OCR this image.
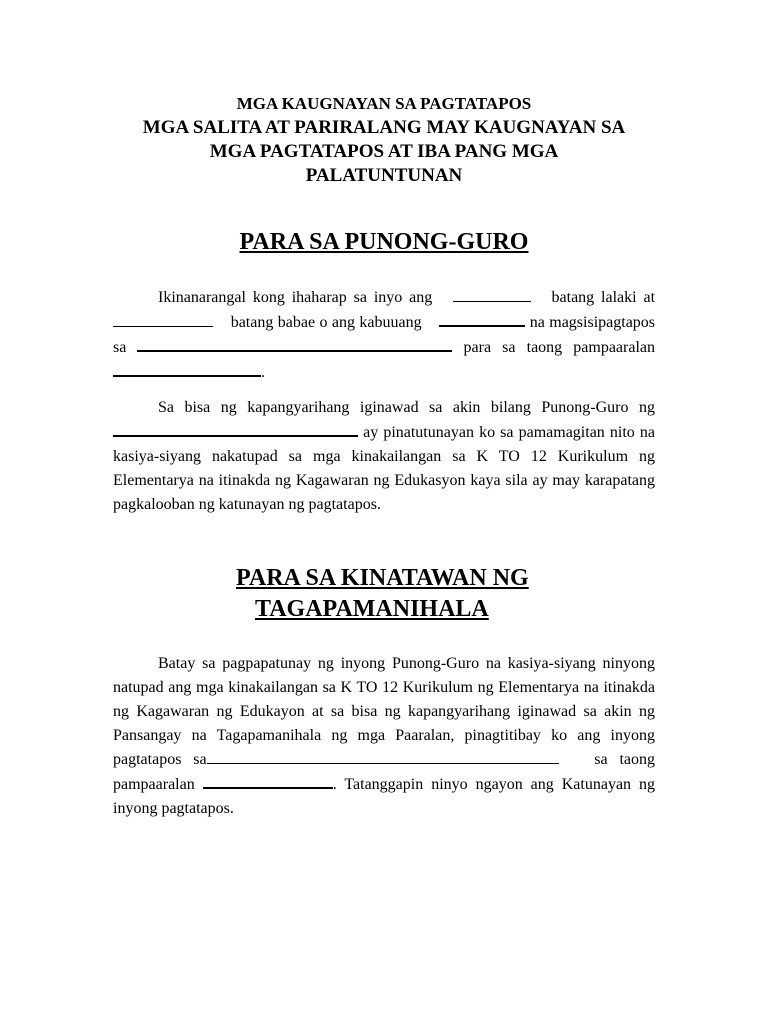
MGA KAUGNAYAN SA PAGTATAPOS
MGA SALITA AT PARIRALANG MAY KAUGNAYAN SA
MGA PAGTATAPOS AT IBA PANG MGA
PALATUNTUNAN
PARA SA PUNONG-GURO
Ikinanarangal kong ihaharap sa inyo ang	batang lalaki at     batang babae o ang kabuuang	na magsisipagtapos sa	para sa taong pampaaralan .
Sa bisa ng kapangyarihang iginawad sa akin bilang Punong-Guro ng  ay pinatutunayan ko sa pamamagitan nito na kasiya-siyang nakatupad sa mga kinakailangan sa K TO 12 Kurikulum ng Elementarya na itinakda ng Kagawaran ng Edukasyon kaya sila ay may karapatang pagkalooban ng katunayan ng pagtatapos.
PARA SA KINATAWAN NG
TAGAPAMANIHALA
Batay sa pagpapatunay ng inyong Punong-Guro na kasiya-siyang ninyong natupad ang mga kinakailangan sa K TO 12 Kurikulum ng Elementarya na itinakda ng Kagawaran ng Edukayon at sa bisa ng kapangyarihang iginawad sa akin ng Pansangay na Tagapamanihala ng mga Paaralan, pinagtitibay ko ang inyong pagtatapos sa	sa taong pampaaralan	. Tatanggapin ninyo ngayon ang Katunayan ng inyong pagtatapos.
